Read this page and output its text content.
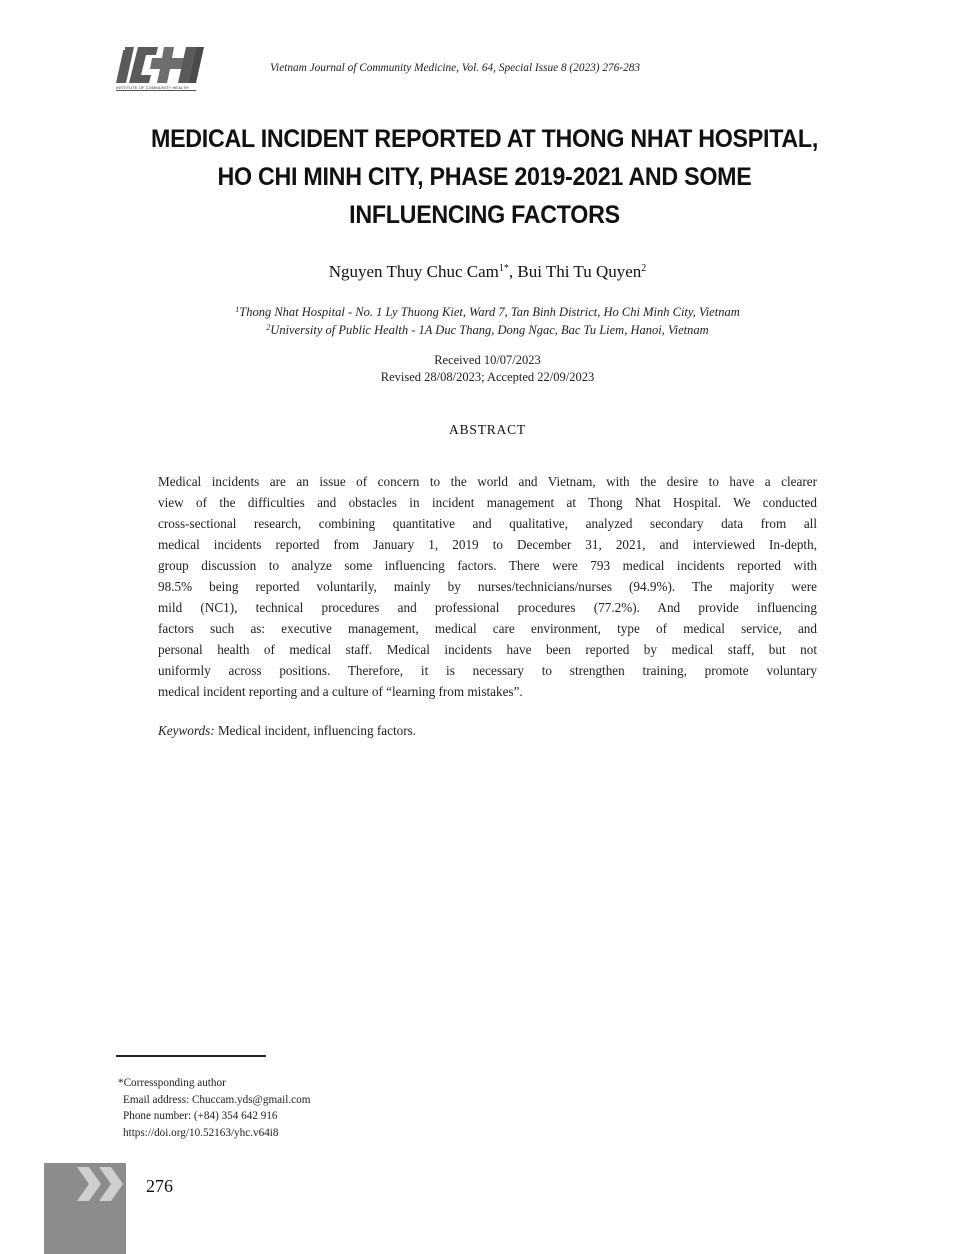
INSTITUTE OF COMMUNITY HEALTH
Vietnam Journal of Community Medicine, Vol. 64, Special Issue 8 (2023) 276-283
MEDICAL INCIDENT REPORTED AT THONG NHAT HOSPITAL,
HO CHI MINH CITY, PHASE 2019-2021 AND SOME
INFLUENCING FACTORS
Nguyen Thuy Chuc Cam$^{1*}$, Bui Thi Tu Quyen$^2$
$^1$Thong Nhat Hospital - No. 1 Ly Thuong Kiet, Ward 7, Tan Binh District, Ho Chi Minh City, Vietnam
$^2$University of Public Health - 1A Duc Thang, Dong Ngac, Bac Tu Liem, Hanoi, Vietnam
Received 10/07/2023
Revised 28/08/2023; Accepted 22/09/2023
ABSTRACT
Medical incidents are an issue of concern to the world and Vietnam, with the desire to have a clearer
view of the difficulties and obstacles in incident management at Thong Nhat Hospital. We conducted
cross-sectional research, combining quantitative and qualitative, analyzed secondary data from all
medical incidents reported from January 1, 2019 to December 31, 2021, and interviewed In-depth,
group discussion to analyze some influencing factors. There were 793 medical incidents reported with
98.5% being reported voluntarily, mainly by nurses/technicians/nurses (94.9%). The majority were
mild (NC1), technical procedures and professional procedures (77.2%). And provide influencing
factors such as: executive management, medical care environment, type of medical service, and
personal health of medical staff. Medical incidents have been reported by medical staff, but not
uniformly across positions. Therefore, it is necessary to strengthen training, promote voluntary
medical incident reporting and a culture of “learning from mistakes”.
Keywords: Medical incident, influencing factors.
*Corressponding author
Email address: Chuccam.yds@gmail.com
Phone number: (+84) 354 642 916
https://doi.org/10.52163/yhc.v64i8
276
